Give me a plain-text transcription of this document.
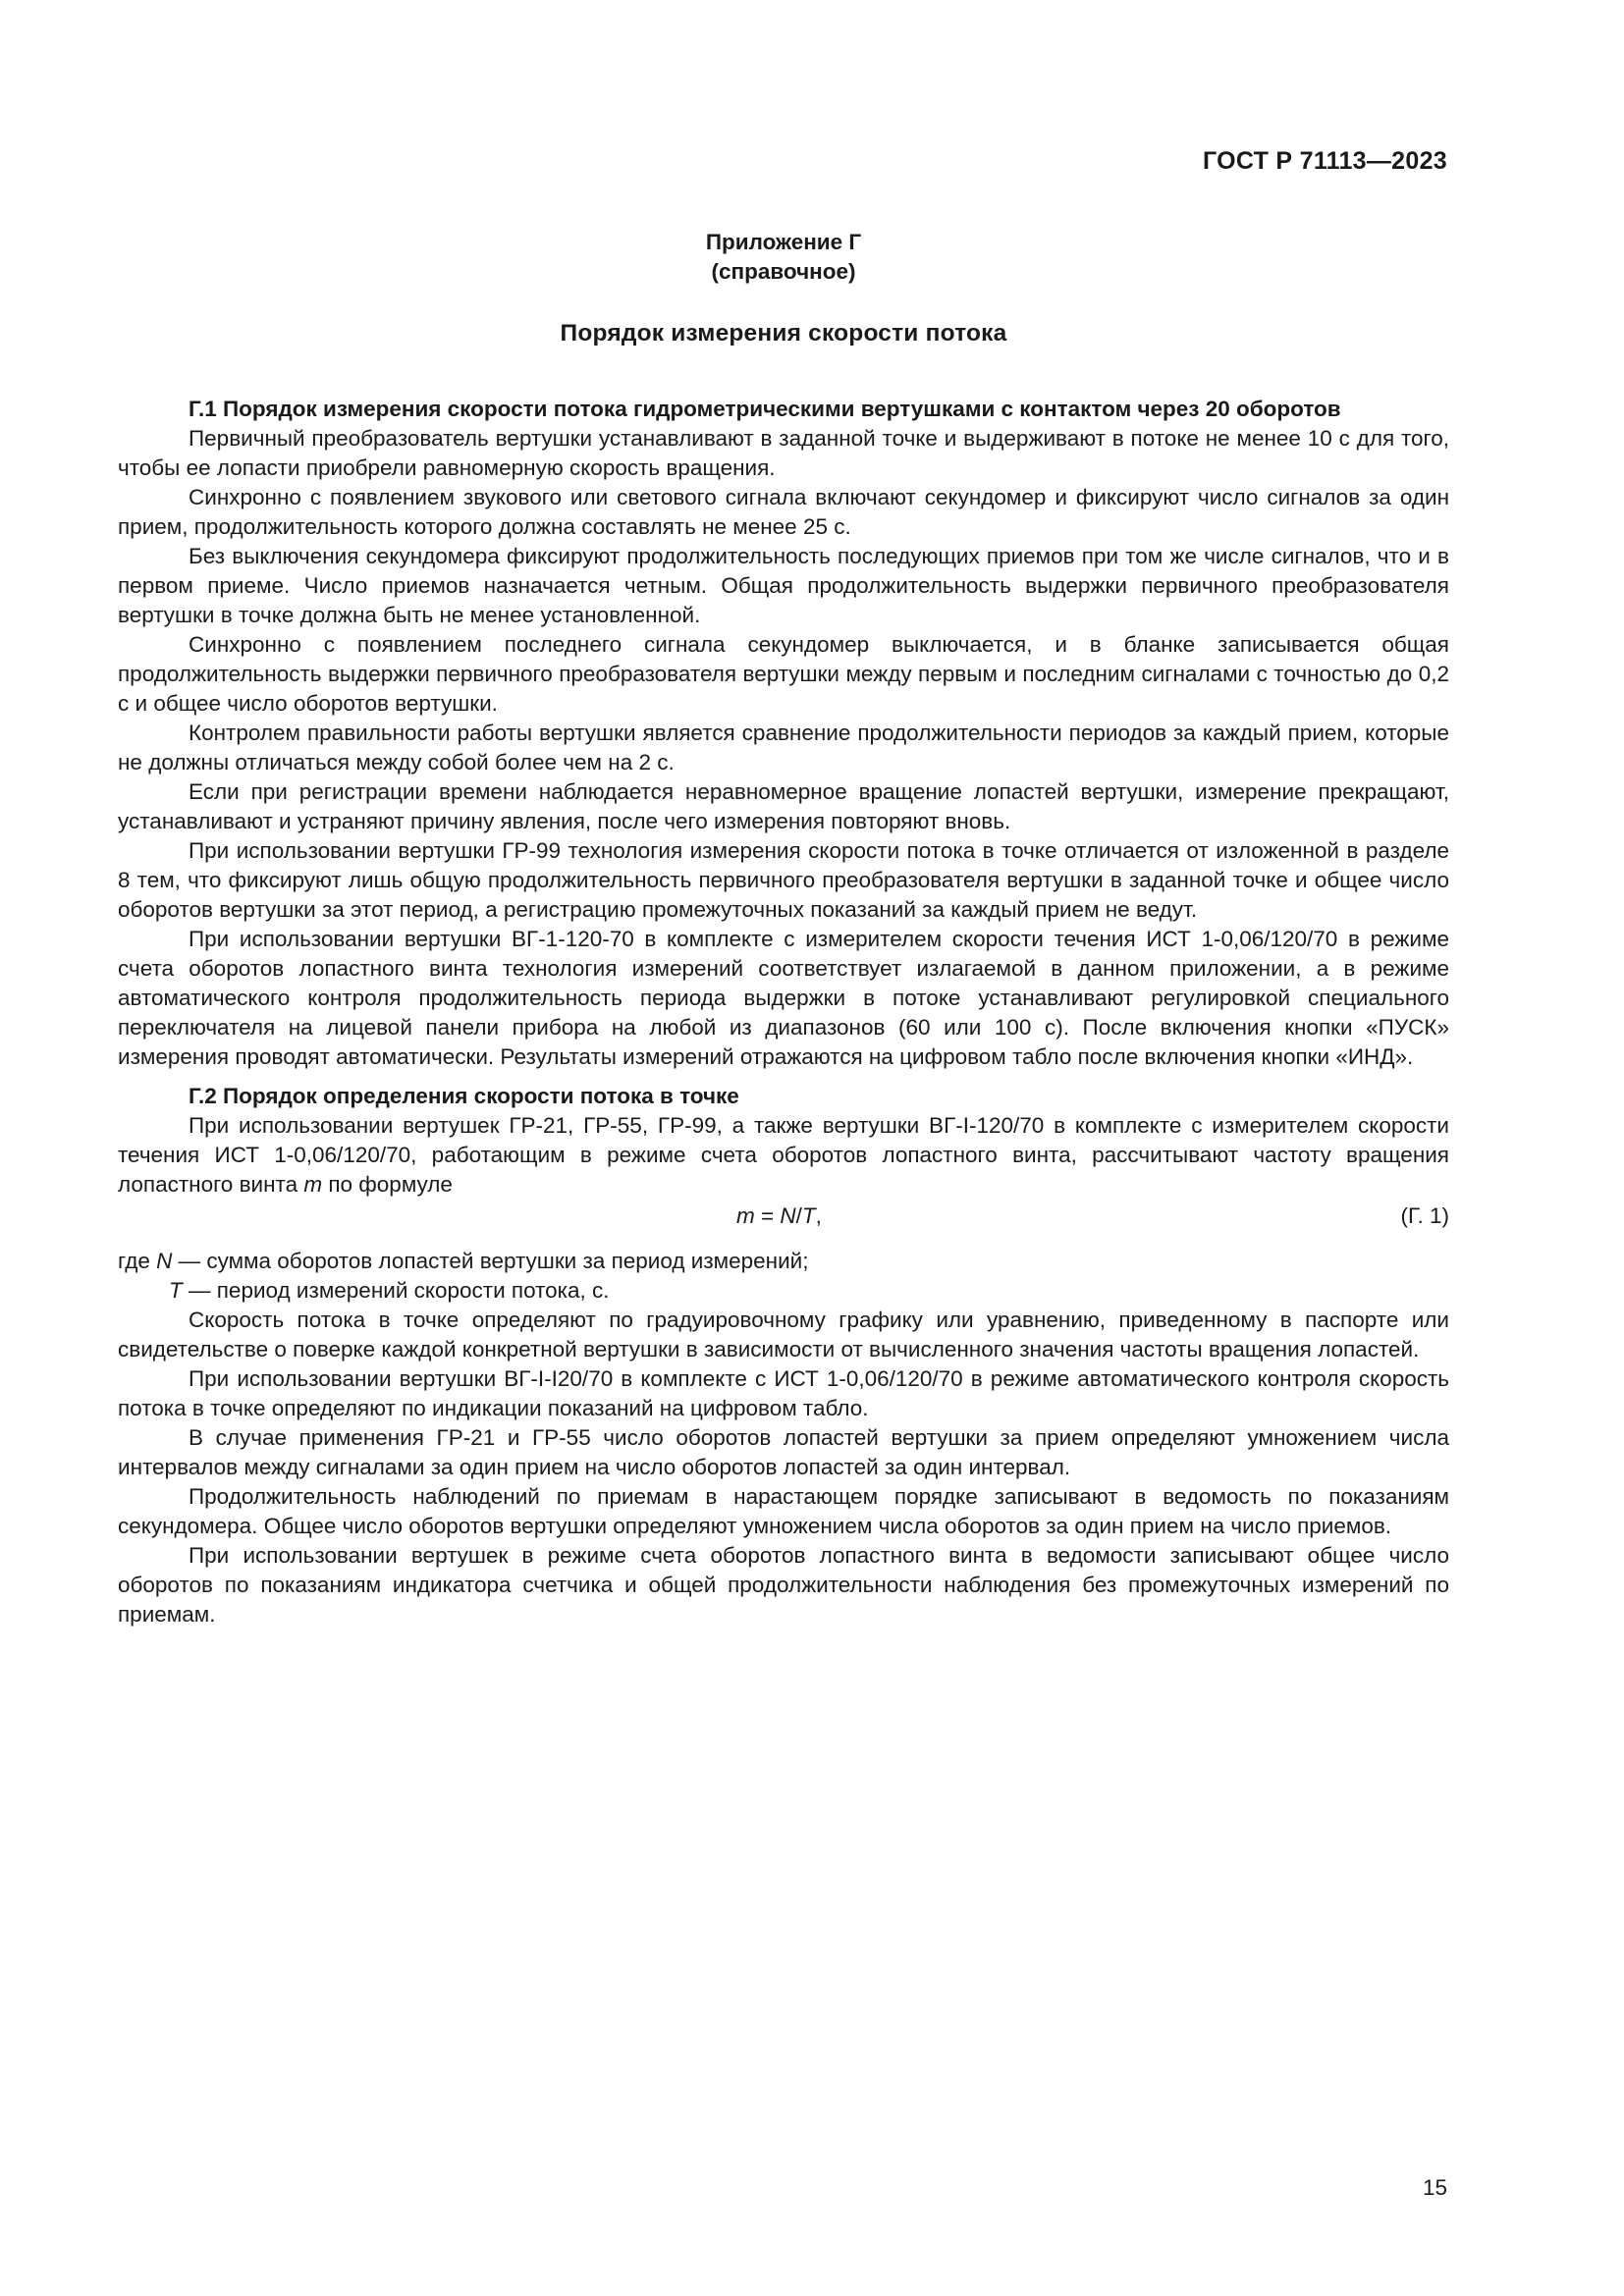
ГОСТ Р 71113—2023
Приложение Г
(справочное)
Порядок измерения скорости потока
Г.1 Порядок измерения скорости потока гидрометрическими вертушками с контактом через 20 оборотов

Первичный преобразователь вертушки устанавливают в заданной точке и выдерживают в потоке не менее 10 с для того, чтобы ее лопасти приобрели равномерную скорость вращения.

Синхронно с появлением звукового или светового сигнала включают секундомер и фиксируют число сигналов за один прием, продолжительность которого должна составлять не менее 25 с.

Без выключения секундомера фиксируют продолжительность последующих приемов при том же числе сигналов, что и в первом приеме. Число приемов назначается четным. Общая продолжительность выдержки первичного преобразователя вертушки в точке должна быть не менее установленной.

Синхронно с появлением последнего сигнала секундомер выключается, и в бланке записывается общая продолжительность выдержки первичного преобразователя вертушки между первым и последним сигналами с точностью до 0,2 с и общее число оборотов вертушки.

Контролем правильности работы вертушки является сравнение продолжительности периодов за каждый прием, которые не должны отличаться между собой более чем на 2 с.

Если при регистрации времени наблюдается неравномерное вращение лопастей вертушки, измерение прекращают, устанавливают и устраняют причину явления, после чего измерения повторяют вновь.

При использовании вертушки ГР-99 технология измерения скорости потока в точке отличается от изложенной в разделе 8 тем, что фиксируют лишь общую продолжительность первичного преобразователя вертушки в заданной точке и общее число оборотов вертушки за этот период, а регистрацию промежуточных показаний за каждый прием не ведут.

При использовании вертушки ВГ-1-120-70 в комплекте с измерителем скорости течения ИСТ 1-0,06/120/70 в режиме счета оборотов лопастного винта технология измерений соответствует излагаемой в данном приложении, а в режиме автоматического контроля продолжительность периода выдержки в потоке устанавливают регулировкой специального переключателя на лицевой панели прибора на любой из диапазонов (60 или 100 с). После включения кнопки «ПУСК» измерения проводят автоматически. Результаты измерений отражаются на цифровом табло после включения кнопки «ИНД».

Г.2 Порядок определения скорости потока в точке

При использовании вертушек ГР-21, ГР-55, ГР-99, а также вертушки ВГ-I-120/70 в комплекте с измерителем скорости течения ИСТ 1-0,06/120/70, работающим в режиме счета оборотов лопастного винта, рассчитывают частоту вращения лопастного винта m по формуле

m = N/T,	(Г. 1)
где N — сумма оборотов лопастей вертушки за период измерений;
T — период измерений скорости потока, с.

Скорость потока в точке определяют по градуировочному графику или уравнению, приведенному в паспорте или свидетельстве о поверке каждой конкретной вертушки в зависимости от вычисленного значения частоты вращения лопастей.

При использовании вертушки ВГ-I-I20/70 в комплекте с ИСТ 1-0,06/120/70 в режиме автоматического контроля скорость потока в точке определяют по индикации показаний на цифровом табло.

В случае применения ГР-21 и ГР-55 число оборотов лопастей вертушки за прием определяют умножением числа интервалов между сигналами за один прием на число оборотов лопастей за один интервал.

Продолжительность наблюдений по приемам в нарастающем порядке записывают в ведомость по показаниям секундомера. Общее число оборотов вертушки определяют умножением числа оборотов за один прием на число приемов.

При использовании вертушек в режиме счета оборотов лопастного винта в ведомости записывают общее число оборотов по показаниям индикатора счетчика и общей продолжительности наблюдения без промежуточных измерений по приемам.

15
